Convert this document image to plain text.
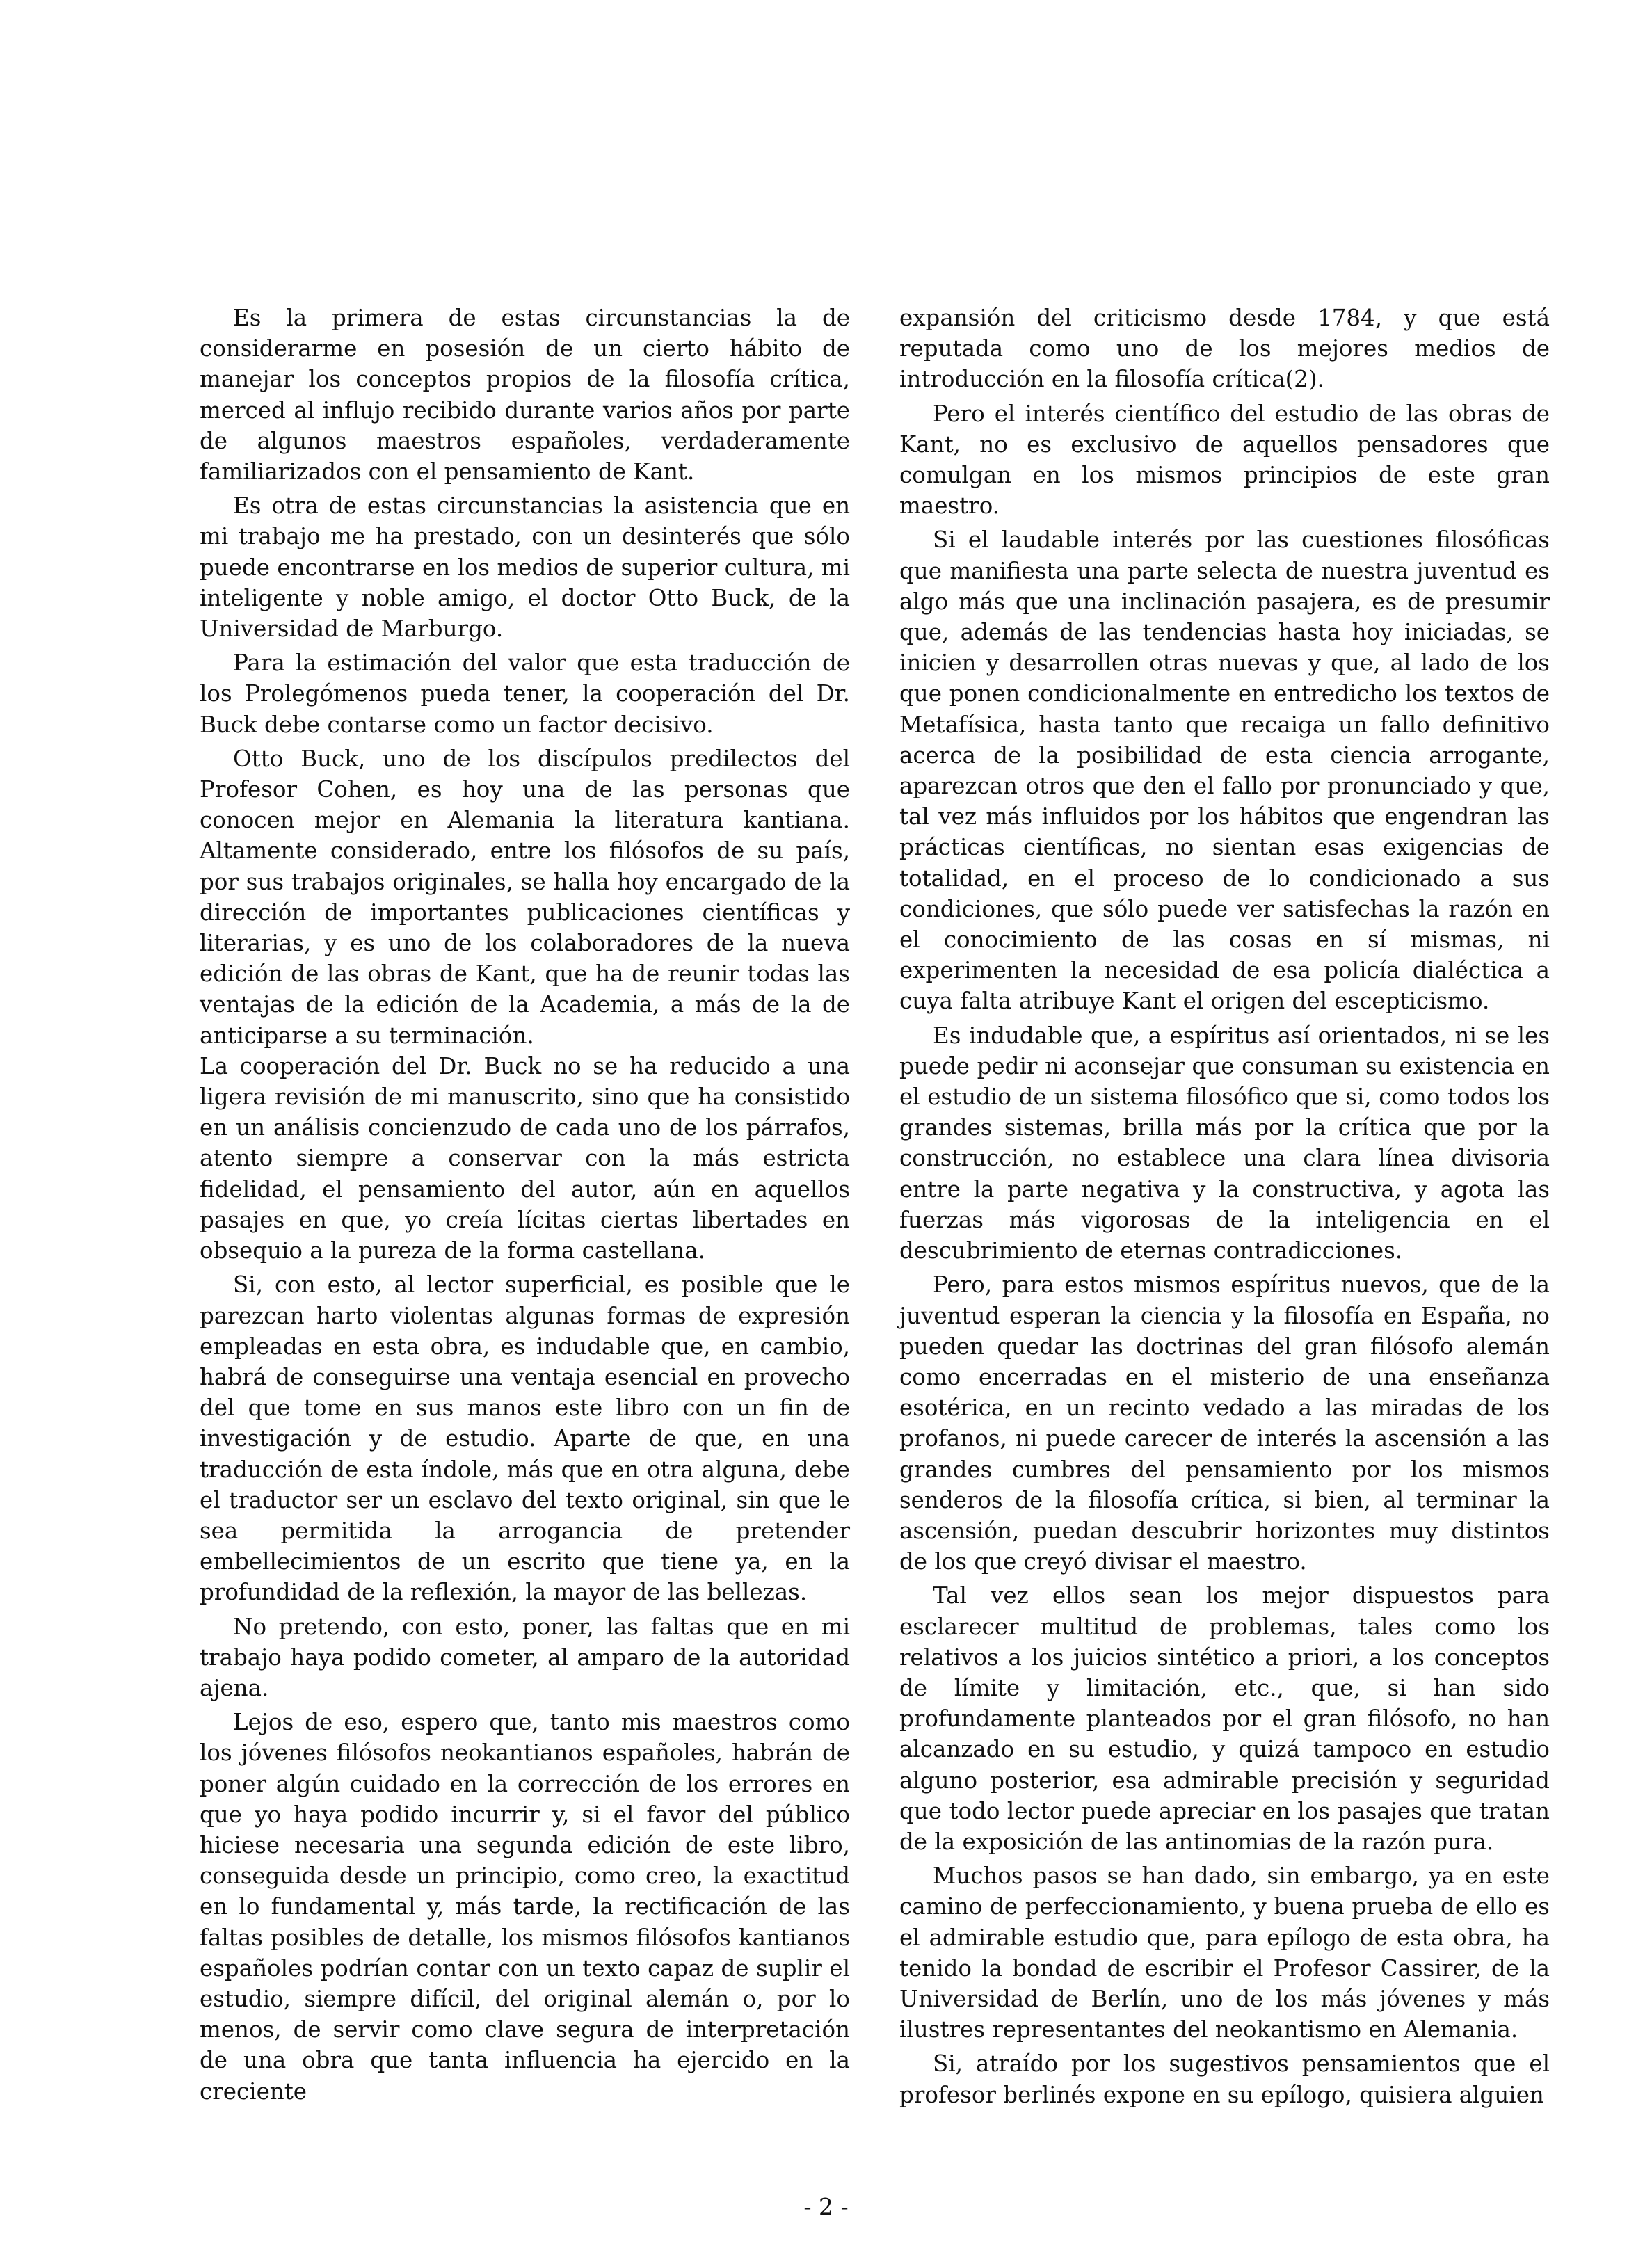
Es la primera de estas circunstancias la de considerarme en posesión de un cierto hábito de manejar los conceptos propios de la filosofía crítica, merced al influjo recibido durante varios años por parte de algunos maestros españoles, verdaderamente familiarizados con el pensamiento de Kant.

Es otra de estas circunstancias la asistencia que en mi trabajo me ha prestado, con un desinterés que sólo puede encontrarse en los medios de superior cultura, mi inteligente y noble amigo, el doctor Otto Buck, de la Universidad de Marburgo.

Para la estimación del valor que esta traducción de los Prolegómenos pueda tener, la cooperación del Dr. Buck debe contarse como un factor decisivo.

Otto Buck, uno de los discípulos predilectos del Profesor Cohen, es hoy una de las personas que conocen mejor en Alemania la literatura kantiana. Altamente considerado, entre los filósofos de su país, por sus trabajos originales, se halla hoy encargado de la dirección de importantes publicaciones científicas y literarias, y es uno de los colaboradores de la nueva edición de las obras de Kant, que ha de reunir todas las ventajas de la edición de la Academia, a más de la de anticiparse a su terminación.

La cooperación del Dr. Buck no se ha reducido a una ligera revisión de mi manuscrito, sino que ha consistido en un análisis concienzudo de cada uno de los párrafos, atento siempre a conservar con la más estricta fidelidad, el pensamiento del autor, aún en aquellos pasajes en que, yo creía lícitas ciertas libertades en obsequio a la pureza de la forma castellana.

Si, con esto, al lector superficial, es posible que le parezcan harto violentas algunas formas de expresión empleadas en esta obra, es indudable que, en cambio, habrá de conseguirse una ventaja esencial en provecho del que tome en sus manos este libro con un fin de investigación y de estudio. Aparte de que, en una traducción de esta índole, más que en otra alguna, debe el traductor ser un esclavo del texto original, sin que le sea permitida la arrogancia de pretender embellecimientos de un escrito que tiene ya, en la profundidad de la reflexión, la mayor de las bellezas.

No pretendo, con esto, poner, las faltas que en mi trabajo haya podido cometer, al amparo de la autoridad ajena.

Lejos de eso, espero que, tanto mis maestros como los jóvenes filósofos neokantianos españoles, habrán de poner algún cuidado en la corrección de los errores en que yo haya podido incurrir y, si el favor del público hiciese necesaria una segunda edición de este libro, conseguida desde un principio, como creo, la exactitud en lo fundamental y, más tarde, la rectificación de las faltas posibles de detalle, los mismos filósofos kantianos españoles podrían contar con un texto capaz de suplir el estudio, siempre difícil, del original alemán o, por lo menos, de servir como clave segura de interpretación de una obra que tanta influencia ha ejercido en la creciente

expansión del criticismo desde 1784, y que está reputada como uno de los mejores medios de introducción en la filosofía crítica(2).

Pero el interés científico del estudio de las obras de Kant, no es exclusivo de aquellos pensadores que comulgan en los mismos principios de este gran maestro.

Si el laudable interés por las cuestiones filosóficas que manifiesta una parte selecta de nuestra juventud es algo más que una inclinación pasajera, es de presumir que, además de las tendencias hasta hoy iniciadas, se inicien y desarrollen otras nuevas y que, al lado de los que ponen condicionalmente en entredicho los textos de Metafísica, hasta tanto que recaiga un fallo definitivo acerca de la posibilidad de esta ciencia arrogante, aparezcan otros que den el fallo por pronunciado y que, tal vez más influidos por los hábitos que engendran las prácticas científicas, no sientan esas exigencias de totalidad, en el proceso de lo condicionado a sus condiciones, que sólo puede ver satisfechas la razón en el conocimiento de las cosas en sí mismas, ni experimenten la necesidad de esa policía dialéctica a cuya falta atribuye Kant el origen del escepticismo.

Es indudable que, a espíritus así orientados, ni se les puede pedir ni aconsejar que consuman su existencia en el estudio de un sistema filosófico que si, como todos los grandes sistemas, brilla más por la crítica que por la construcción, no establece una clara línea divisoria entre la parte negativa y la constructiva, y agota las fuerzas más vigorosas de la inteligencia en el descubrimiento de eternas contradicciones.

Pero, para estos mismos espíritus nuevos, que de la juventud esperan la ciencia y la filosofía en España, no pueden quedar las doctrinas del gran filósofo alemán como encerradas en el misterio de una enseñanza esotérica, en un recinto vedado a las miradas de los profanos, ni puede carecer de interés la ascensión a las grandes cumbres del pensamiento por los mismos senderos de la filosofía crítica, si bien, al terminar la ascensión, puedan descubrir horizontes muy distintos de los que creyó divisar el maestro.

Tal vez ellos sean los mejor dispuestos para esclarecer multitud de problemas, tales como los relativos a los juicios sintético a priori, a los conceptos de límite y limitación, etc., que, si han sido profundamente planteados por el gran filósofo, no han alcanzado en su estudio, y quizá tampoco en estudio alguno posterior, esa admirable precisión y seguridad que todo lector puede apreciar en los pasajes que tratan de la exposición de las antinomias de la razón pura.

Muchos pasos se han dado, sin embargo, ya en este camino de perfeccionamiento, y buena prueba de ello es el admirable estudio que, para epílogo de esta obra, ha tenido la bondad de escribir el Profesor Cassirer, de la Universidad de Berlín, uno de los más jóvenes y más ilustres representantes del neokantismo en Alemania.

Si, atraído por los sugestivos pensamientos que el profesor berlinés expone en su epílogo, quisiera alguien

- 2 -
